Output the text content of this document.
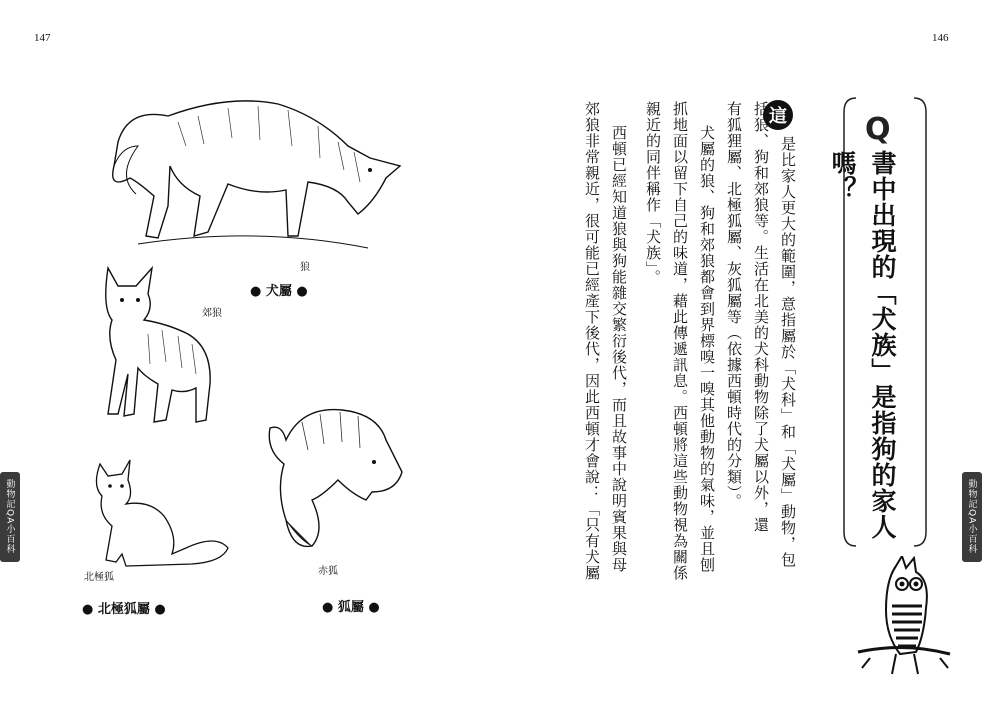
147	146
動物記QA小百科	動物記QA小百科
Q
書中出現的「犬族」是指狗的家人嗎？
這
是比家人更大的範圍，意指屬於「犬科」和「犬屬」動物，包
括狼、狗和郊狼等。生活在北美的犬科動物除了犬屬以外，還
有狐狸屬、北極狐屬、灰狐屬等（依據西頓時代的分類）。
犬屬的狼、狗和郊狼都會到界標嗅一嗅其他動物的氣味，並且刨
抓地面以留下自己的味道，藉此傳遞訊息。西頓將這些動物視為關係
親近的同伴稱作「犬族」。
西頓已經知道狼與狗能雜交繁衍後代，而且故事中說明賓果與母
郊狼非常親近，很可能已經產下後代，因此西頓才會說：「只有犬屬
狼
郊狼
● 犬屬 ●
北極狐
● 北極狐屬 ●
赤狐
● 狐屬 ●
